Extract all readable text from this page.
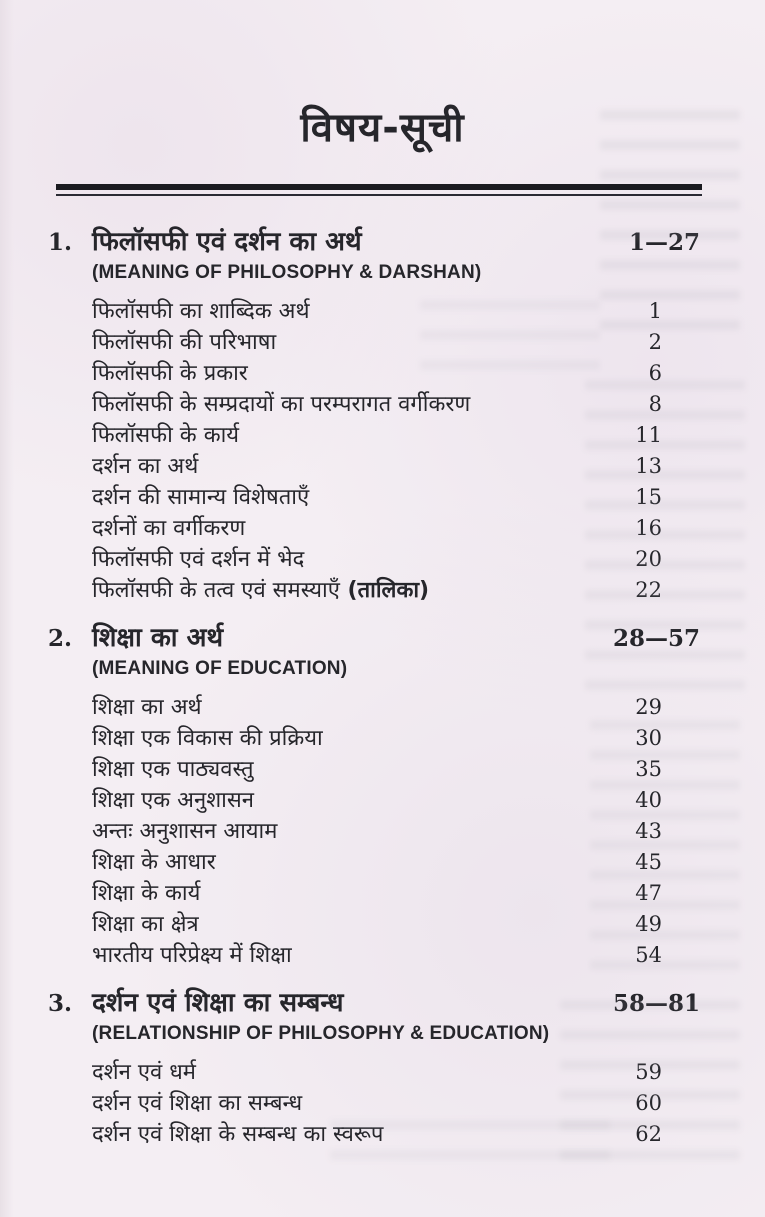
विषय-सूची
1. फिलॉसफी एवं दर्शन का अर्थ	1—27
(MEANING OF PHILOSOPHY & DARSHAN)
फिलॉसफी का शाब्दिक अर्थ	1
फिलॉसफी की परिभाषा	2
फिलॉसफी के प्रकार	6
फिलॉसफी के सम्प्रदायों का परम्परागत वर्गीकरण	8
फिलॉसफी के कार्य	11
दर्शन का अर्थ	13
दर्शन की सामान्य विशेषताएँ	15
दर्शनों का वर्गीकरण	16
फिलॉसफी एवं दर्शन में भेद	20
फिलॉसफी के तत्व एवं समस्याएँ (तालिका)	22
2. शिक्षा का अर्थ	28—57
(MEANING OF EDUCATION)
शिक्षा का अर्थ	29
शिक्षा एक विकास की प्रक्रिया	30
शिक्षा एक पाठ्यवस्तु	35
शिक्षा एक अनुशासन	40
अन्तः अनुशासन आयाम	43
शिक्षा के आधार	45
शिक्षा के कार्य	47
शिक्षा का क्षेत्र	49
भारतीय परिप्रेक्ष्य में शिक्षा	54
3. दर्शन एवं शिक्षा का सम्बन्ध	58—81
(RELATIONSHIP OF PHILOSOPHY & EDUCATION)
दर्शन एवं धर्म	59
दर्शन एवं शिक्षा का सम्बन्ध	60
दर्शन एवं शिक्षा के सम्बन्ध का स्वरूप	62
